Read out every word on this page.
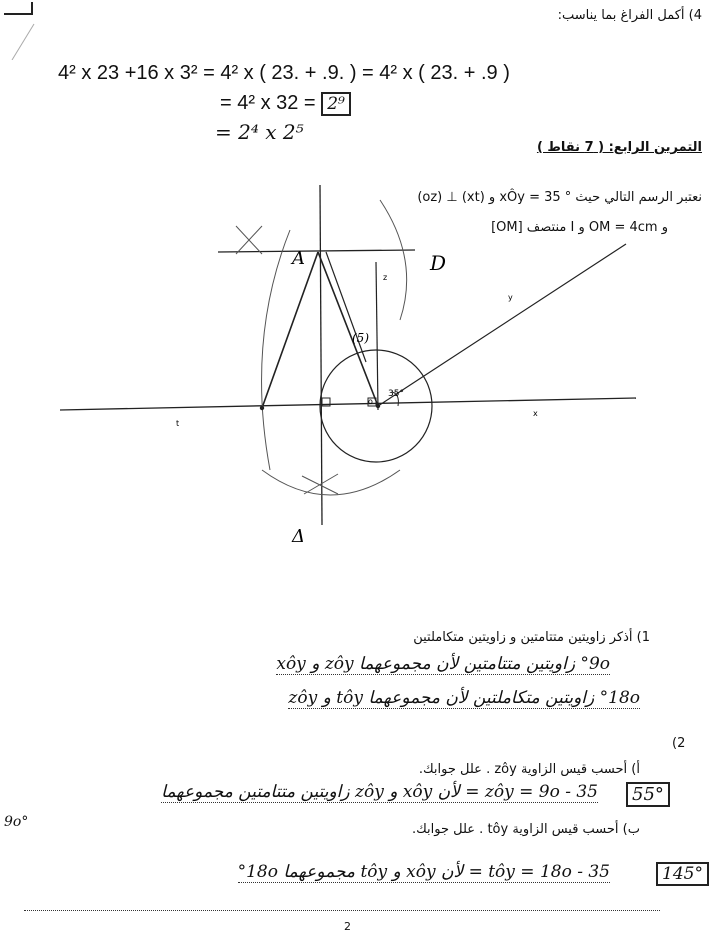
4) أكمل الفراغ بما يناسب:
4² x 23 +16 x 3² = 4² x ( 23. + .9. ) = 4² x ( 23. + .9 )
= 4² x 32 = 2⁹
= 2⁴ x 2⁵
التمرين الرابع: ( 7 نقاط )
نعتبر الرسم التالي حيث ° xÔy = 35 و (xt) ⊥ (oz)
و OM = 4cm و I منتصف [OM]
A	D
z
y
x
t
Δ
o
35°
(5)
1) أذكر زاويتين متتامتين و زاويتين متكاملتين
9o° زاويتين متتامتين لأن مجموعهما zôy و xôy
18o° زاويتين متكاملتين لأن مجموعهما tôy و zôy
(2
أ) أحسب قيس الزاوية zôy . علل جوابك.
zôy = 9o - 35 = لأن xôy و zôy زاويتين متتامتين مجموعهما	55°
9o°	ب) أحسب قيس الزاوية tôy . علل جوابك.
tôy = 18o - 35 = لأن xôy و tôy مجموعهما 18o°	145°
2
